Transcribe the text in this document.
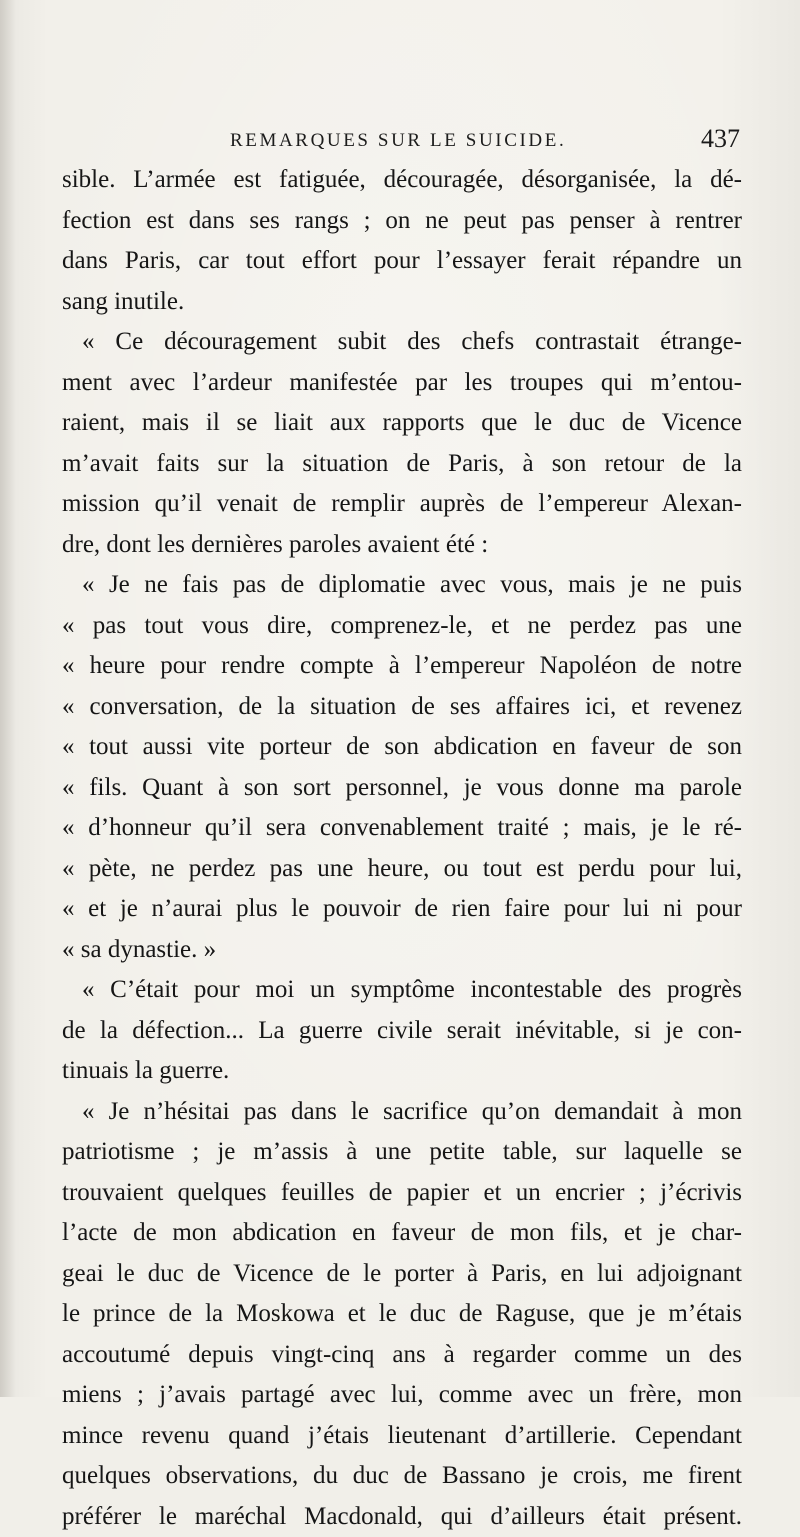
REMARQUES SUR LE SUICIDE.	437
sible. L’armée est fatiguée, découragée, désorganisée, la dé-
fection est dans ses rangs ; on ne peut pas penser à rentrer
dans Paris, car tout effort pour l’essayer ferait répandre un
sang inutile.
« Ce découragement subit des chefs contrastait étrange-
ment avec l’ardeur manifestée par les troupes qui m’entou-
raient, mais il se liait aux rapports que le duc de Vicence
m’avait faits sur la situation de Paris, à son retour de la
mission qu’il venait de remplir auprès de l’empereur Alexan-
dre, dont les dernières paroles avaient été :
« Je ne fais pas de diplomatie avec vous, mais je ne puis
« pas tout vous dire, comprenez-le, et ne perdez pas une
« heure pour rendre compte à l’empereur Napoléon de notre
« conversation, de la situation de ses affaires ici, et revenez
« tout aussi vite porteur de son abdication en faveur de son
« fils. Quant à son sort personnel, je vous donne ma parole
« d’honneur qu’il sera convenablement traité ; mais, je le ré-
« pète, ne perdez pas une heure, ou tout est perdu pour lui,
« et je n’aurai plus le pouvoir de rien faire pour lui ni pour
« sa dynastie. »
« C’était pour moi un symptôme incontestable des progrès
de la défection... La guerre civile serait inévitable, si je con-
tinuais la guerre.
« Je n’hésitai pas dans le sacrifice qu’on demandait à mon
patriotisme ; je m’assis à une petite table, sur laquelle se
trouvaient quelques feuilles de papier et un encrier ; j’écrivis
l’acte de mon abdication en faveur de mon fils, et je char-
geai le duc de Vicence de le porter à Paris, en lui adjoignant
le prince de la Moskowa et le duc de Raguse, que je m’étais
accoutumé depuis vingt-cinq ans à regarder comme un des
miens ; j’avais partagé avec lui, comme avec un frère, mon
mince revenu quand j’étais lieutenant d’artillerie. Cependant
quelques observations, du duc de Bassano je crois, me firent
préférer le maréchal Macdonald, qui d’ailleurs était présent.
